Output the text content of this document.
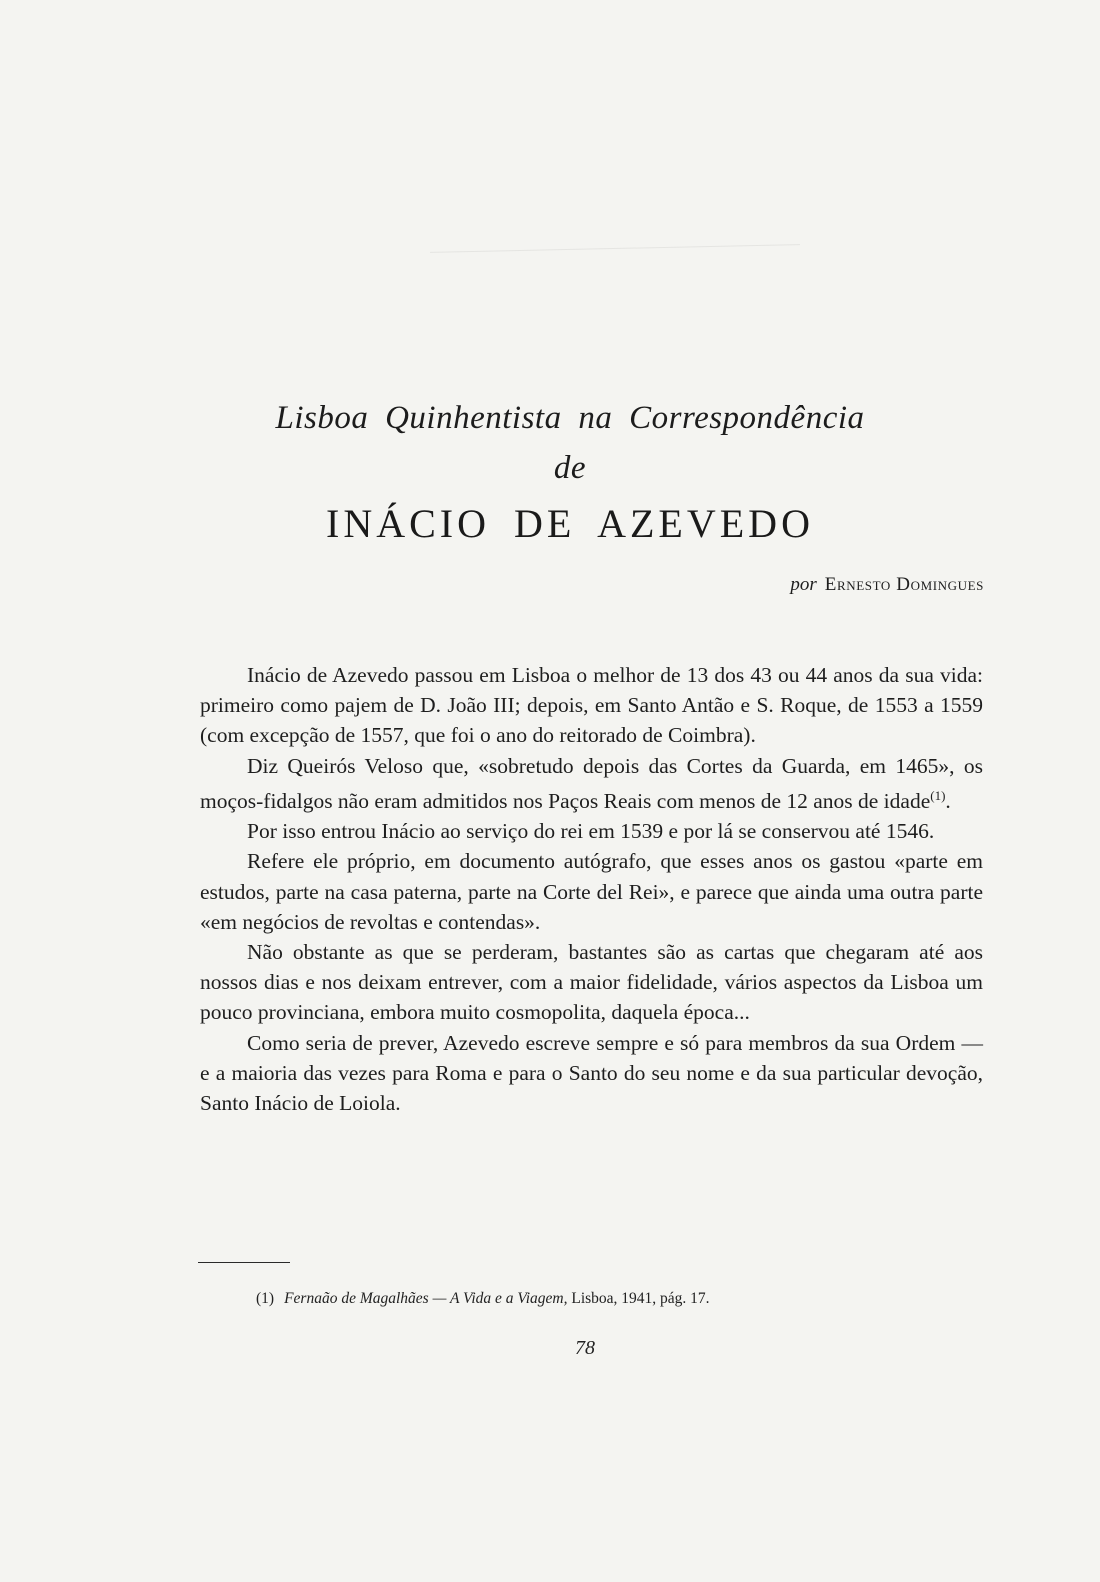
Lisboa Quinhentista na Correspondência
de
INÁCIO DE AZEVEDO
por Ernesto Domingues

Inácio de Azevedo passou em Lisboa o melhor de 13 dos 43 ou 44 anos da sua vida: primeiro como pajem de D. João III; depois, em Santo Antão e S. Roque, de 1553 a 1559 (com excepção de 1557, que foi o ano do reitorado de Coimbra).

Diz Queirós Veloso que, «sobretudo depois das Cortes da Guarda, em 1465», os moços-fidalgos não eram admitidos nos Paços Reais com menos de 12 anos de idade$^{(1)}$.

Por isso entrou Inácio ao serviço do rei em 1539 e por lá se conservou até 1546.

Refere ele próprio, em documento autógrafo, que esses anos os gastou «parte em estudos, parte na casa paterna, parte na Corte del Rei», e parece que ainda uma outra parte «em negócios de revoltas e contendas».

Não obstante as que se perderam, bastantes são as cartas que chegaram até aos nossos dias e nos deixam entrever, com a maior fidelidade, vários aspectos da Lisboa um pouco provinciana, embora muito cosmopolita, daquela época...

Como seria de prever, Azevedo escreve sempre e só para membros da sua Ordem — e a maioria das vezes para Roma e para o Santo do seu nome e da sua particular devoção, Santo Inácio de Loiola.

(1) Fernaão de Magalhães — A Vida e a Viagem, Lisboa, 1941, pág. 17.
78
